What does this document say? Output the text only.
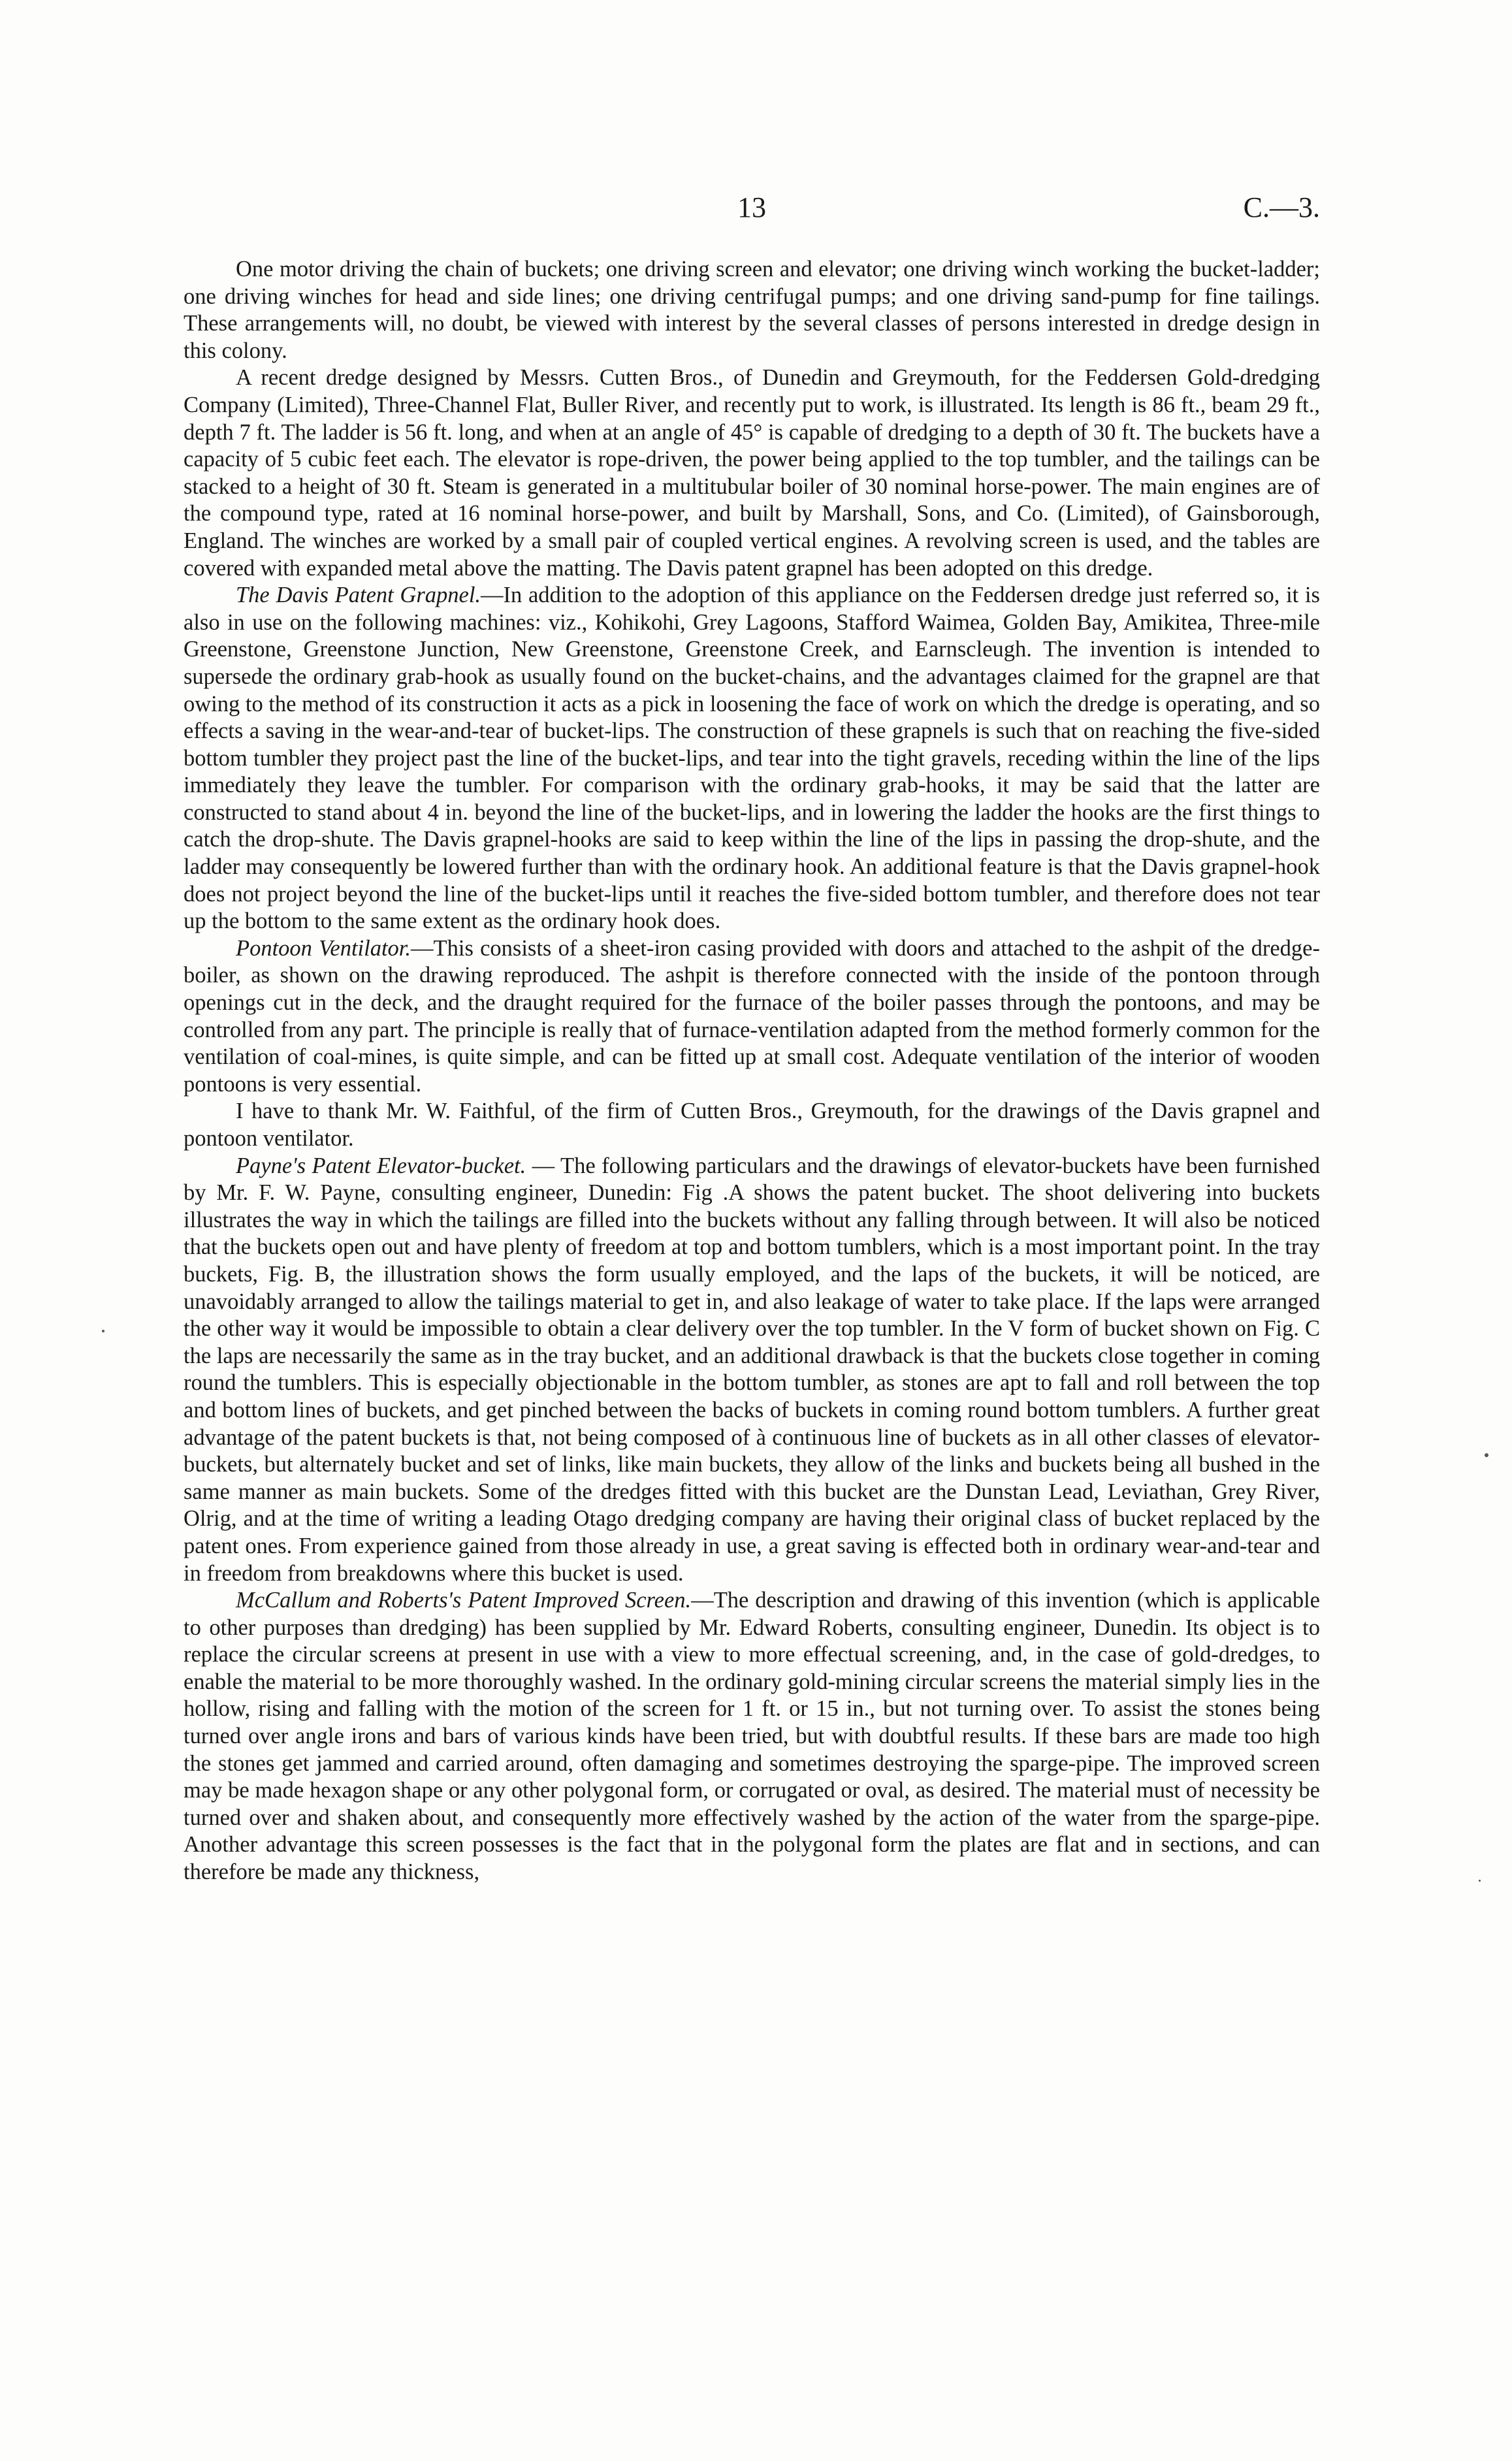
13	C.—3.

One motor driving the chain of buckets; one driving screen and elevator; one driving winch working the bucket-ladder; one driving winches for head and side lines; one driving centrifugal pumps; and one driving sand-pump for fine tailings. These arrangements will, no doubt, be viewed with interest by the several classes of persons interested in dredge design in this colony.

A recent dredge designed by Messrs. Cutten Bros., of Dunedin and Greymouth, for the Feddersen Gold-dredging Company (Limited), Three-Channel Flat, Buller River, and recently put to work, is illustrated. Its length is 86 ft., beam 29 ft., depth 7 ft. The ladder is 56 ft. long, and when at an angle of 45° is capable of dredging to a depth of 30 ft. The buckets have a capacity of 5 cubic feet each. The elevator is rope-driven, the power being applied to the top tumbler, and the tailings can be stacked to a height of 30 ft. Steam is generated in a multitubular boiler of 30 nominal horse-power. The main engines are of the compound type, rated at 16 nominal horse-power, and built by Marshall, Sons, and Co. (Limited), of Gainsborough, England. The winches are worked by a small pair of coupled vertical engines. A revolving screen is used, and the tables are covered with expanded metal above the matting. The Davis patent grapnel has been adopted on this dredge.

The Davis Patent Grapnel.—In addition to the adoption of this appliance on the Feddersen dredge just referred so, it is also in use on the following machines: viz., Kohikohi, Grey Lagoons, Stafford Waimea, Golden Bay, Amikitea, Three-mile Greenstone, Greenstone Junction, New Greenstone, Greenstone Creek, and Earnscleugh. The invention is intended to supersede the ordinary grab-hook as usually found on the bucket-chains, and the advantages claimed for the grapnel are that owing to the method of its construction it acts as a pick in loosening the face of work on which the dredge is operating, and so effects a saving in the wear-and-tear of bucket-lips. The construction of these grapnels is such that on reaching the five-sided bottom tumbler they project past the line of the bucket-lips, and tear into the tight gravels, receding within the line of the lips immediately they leave the tumbler. For comparison with the ordinary grab-hooks, it may be said that the latter are constructed to stand about 4 in. beyond the line of the bucket-lips, and in lowering the ladder the hooks are the first things to catch the drop-shute. The Davis grapnel-hooks are said to keep within the line of the lips in passing the drop-shute, and the ladder may consequently be lowered further than with the ordinary hook. An additional feature is that the Davis grapnel-hook does not project beyond the line of the bucket-lips until it reaches the five-sided bottom tumbler, and therefore does not tear up the bottom to the same extent as the ordinary hook does.

Pontoon Ventilator.—This consists of a sheet-iron casing provided with doors and attached to the ashpit of the dredge-boiler, as shown on the drawing reproduced. The ashpit is therefore connected with the inside of the pontoon through openings cut in the deck, and the draught required for the furnace of the boiler passes through the pontoons, and may be controlled from any part. The principle is really that of furnace-ventilation adapted from the method formerly common for the ventilation of coal-mines, is quite simple, and can be fitted up at small cost. Adequate ventilation of the interior of wooden pontoons is very essential.

I have to thank Mr. W. Faithful, of the firm of Cutten Bros., Greymouth, for the drawings of the Davis grapnel and pontoon ventilator.

Payne's Patent Elevator-bucket. — The following particulars and the drawings of elevator-buckets have been furnished by Mr. F. W. Payne, consulting engineer, Dunedin: Fig .A shows the patent bucket. The shoot delivering into buckets illustrates the way in which the tailings are filled into the buckets without any falling through between. It will also be noticed that the buckets open out and have plenty of freedom at top and bottom tumblers, which is a most important point. In the tray buckets, Fig. B, the illustration shows the form usually employed, and the laps of the buckets, it will be noticed, are unavoidably arranged to allow the tailings material to get in, and also leakage of water to take place. If the laps were arranged the other way it would be impossible to obtain a clear delivery over the top tumbler. In the V form of bucket shown on Fig. C the laps are necessarily the same as in the tray bucket, and an additional drawback is that the buckets close together in coming round the tumblers. This is especially objectionable in the bottom tumbler, as stones are apt to fall and roll between the top and bottom lines of buckets, and get pinched between the backs of buckets in coming round bottom tumblers. A further great advantage of the patent buckets is that, not being composed of à continuous line of buckets as in all other classes of elevator-buckets, but alternately bucket and set of links, like main buckets, they allow of the links and buckets being all bushed in the same manner as main buckets. Some of the dredges fitted with this bucket are the Dunstan Lead, Leviathan, Grey River, Olrig, and at the time of writing a leading Otago dredging company are having their original class of bucket replaced by the patent ones. From experience gained from those already in use, a great saving is effected both in ordinary wear-and-tear and in freedom from breakdowns where this bucket is used.

McCallum and Roberts's Patent Improved Screen.—The description and drawing of this invention (which is applicable to other purposes than dredging) has been supplied by Mr. Edward Roberts, consulting engineer, Dunedin. Its object is to replace the circular screens at present in use with a view to more effectual screening, and, in the case of gold-dredges, to enable the material to be more thoroughly washed. In the ordinary gold-mining circular screens the material simply lies in the hollow, rising and falling with the motion of the screen for 1 ft. or 15 in., but not turning over. To assist the stones being turned over angle irons and bars of various kinds have been tried, but with doubtful results. If these bars are made too high the stones get jammed and carried around, often damaging and sometimes destroying the sparge-pipe. The improved screen may be made hexagon shape or any other polygonal form, or corrugated or oval, as desired. The material must of necessity be turned over and shaken about, and consequently more effectively washed by the action of the water from the sparge-pipe. Another advantage this screen possesses is the fact that in the polygonal form the plates are flat and in sections, and can therefore be made any thickness,
